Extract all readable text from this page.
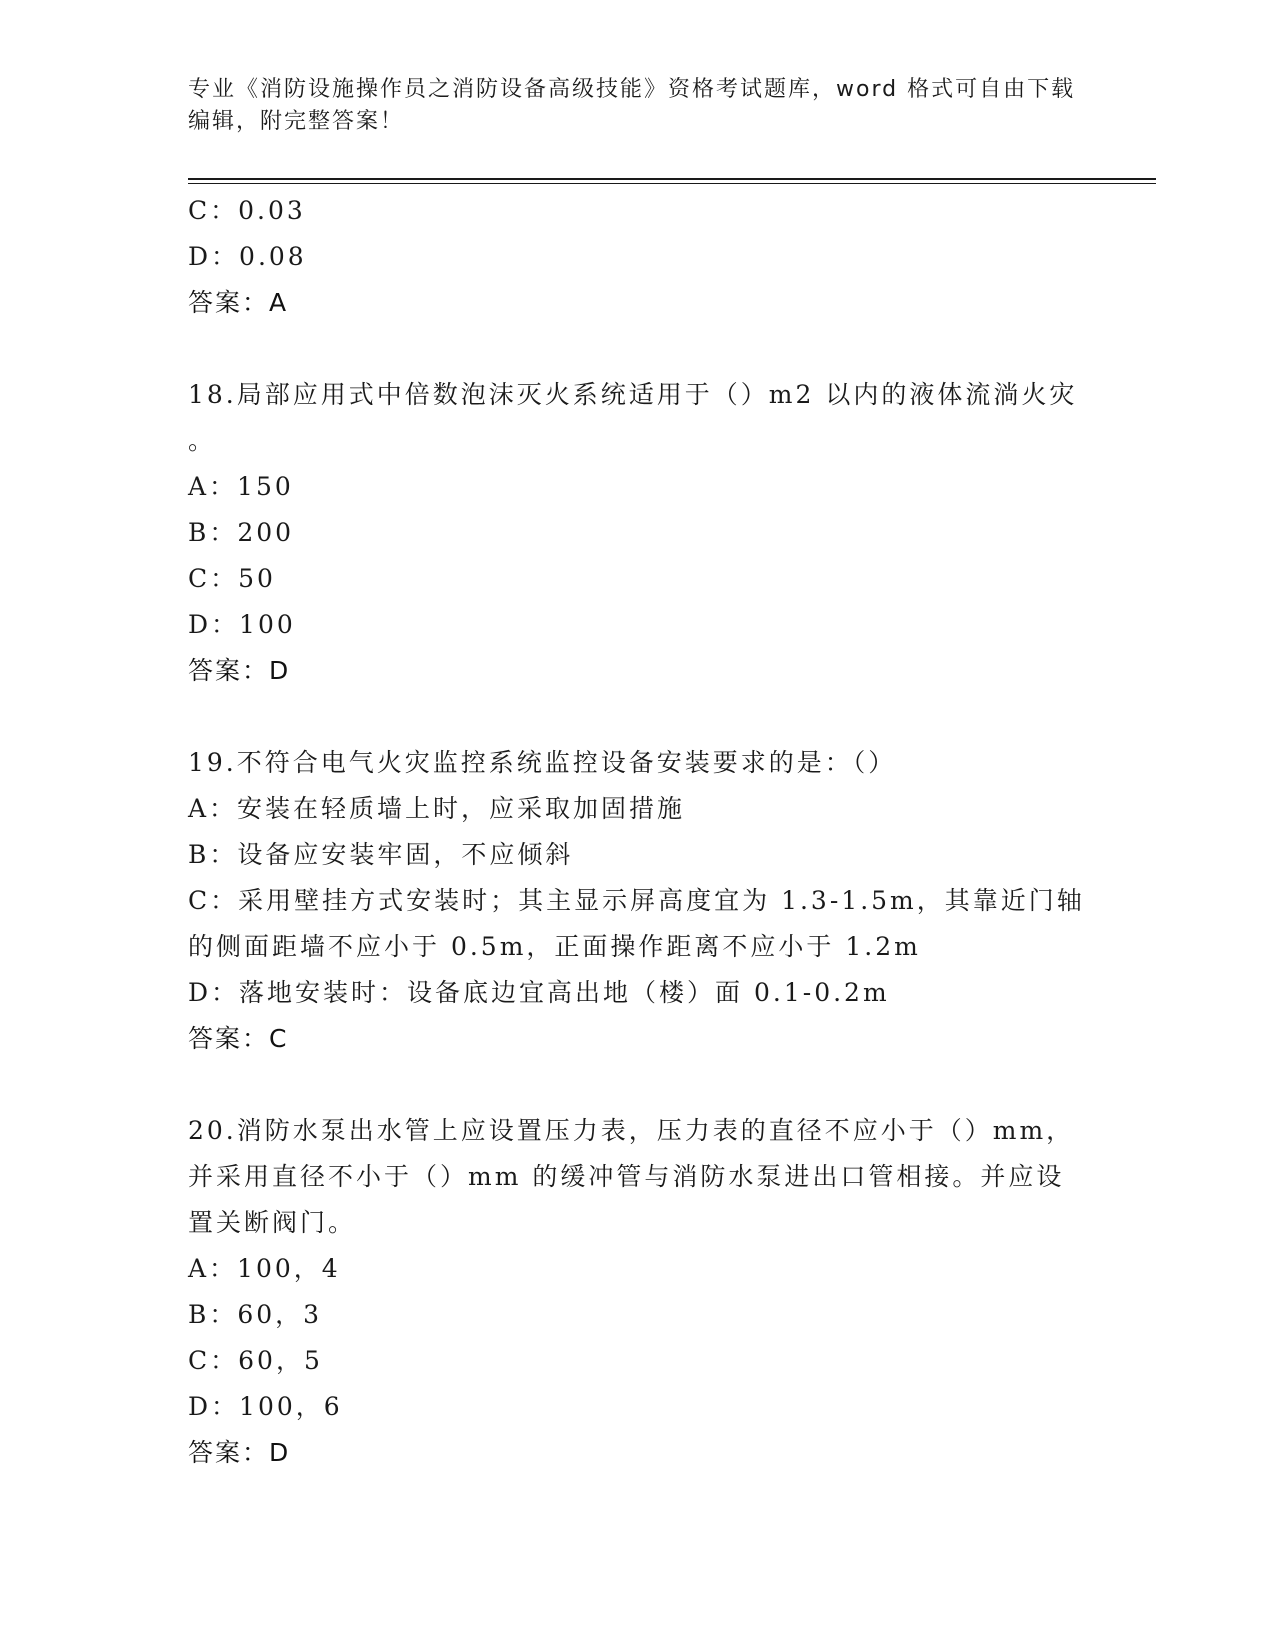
专业《消防设施操作员之消防设备高级技能》资格考试题库，word 格式可自由下载编辑，附完整答案！
C：0.03
D：0.08
答案：A
18.局部应用式中倍数泡沫灭火系统适用于（）m2 以内的液体流淌火灾
。
A：150
B：200
C：50
D：100
答案：D
19.不符合电气火灾监控系统监控设备安装要求的是：（）
A：安装在轻质墙上时，应采取加固措施
B：设备应安装牢固，不应倾斜
C：采用壁挂方式安装时；其主显示屏高度宜为 1.3-1.5m，其靠近门轴
的侧面距墙不应小于 0.5m，正面操作距离不应小于 1.2m
D：落地安装时：设备底边宜高出地（楼）面 0.1-0.2m
答案：C
20.消防水泵出水管上应设置压力表，压力表的直径不应小于（）mm，
并采用直径不小于（）mm 的缓冲管与消防水泵进出口管相接。并应设
置关断阀门。
A：100，4
B：60，3
C：60，5
D：100，6
答案：D
